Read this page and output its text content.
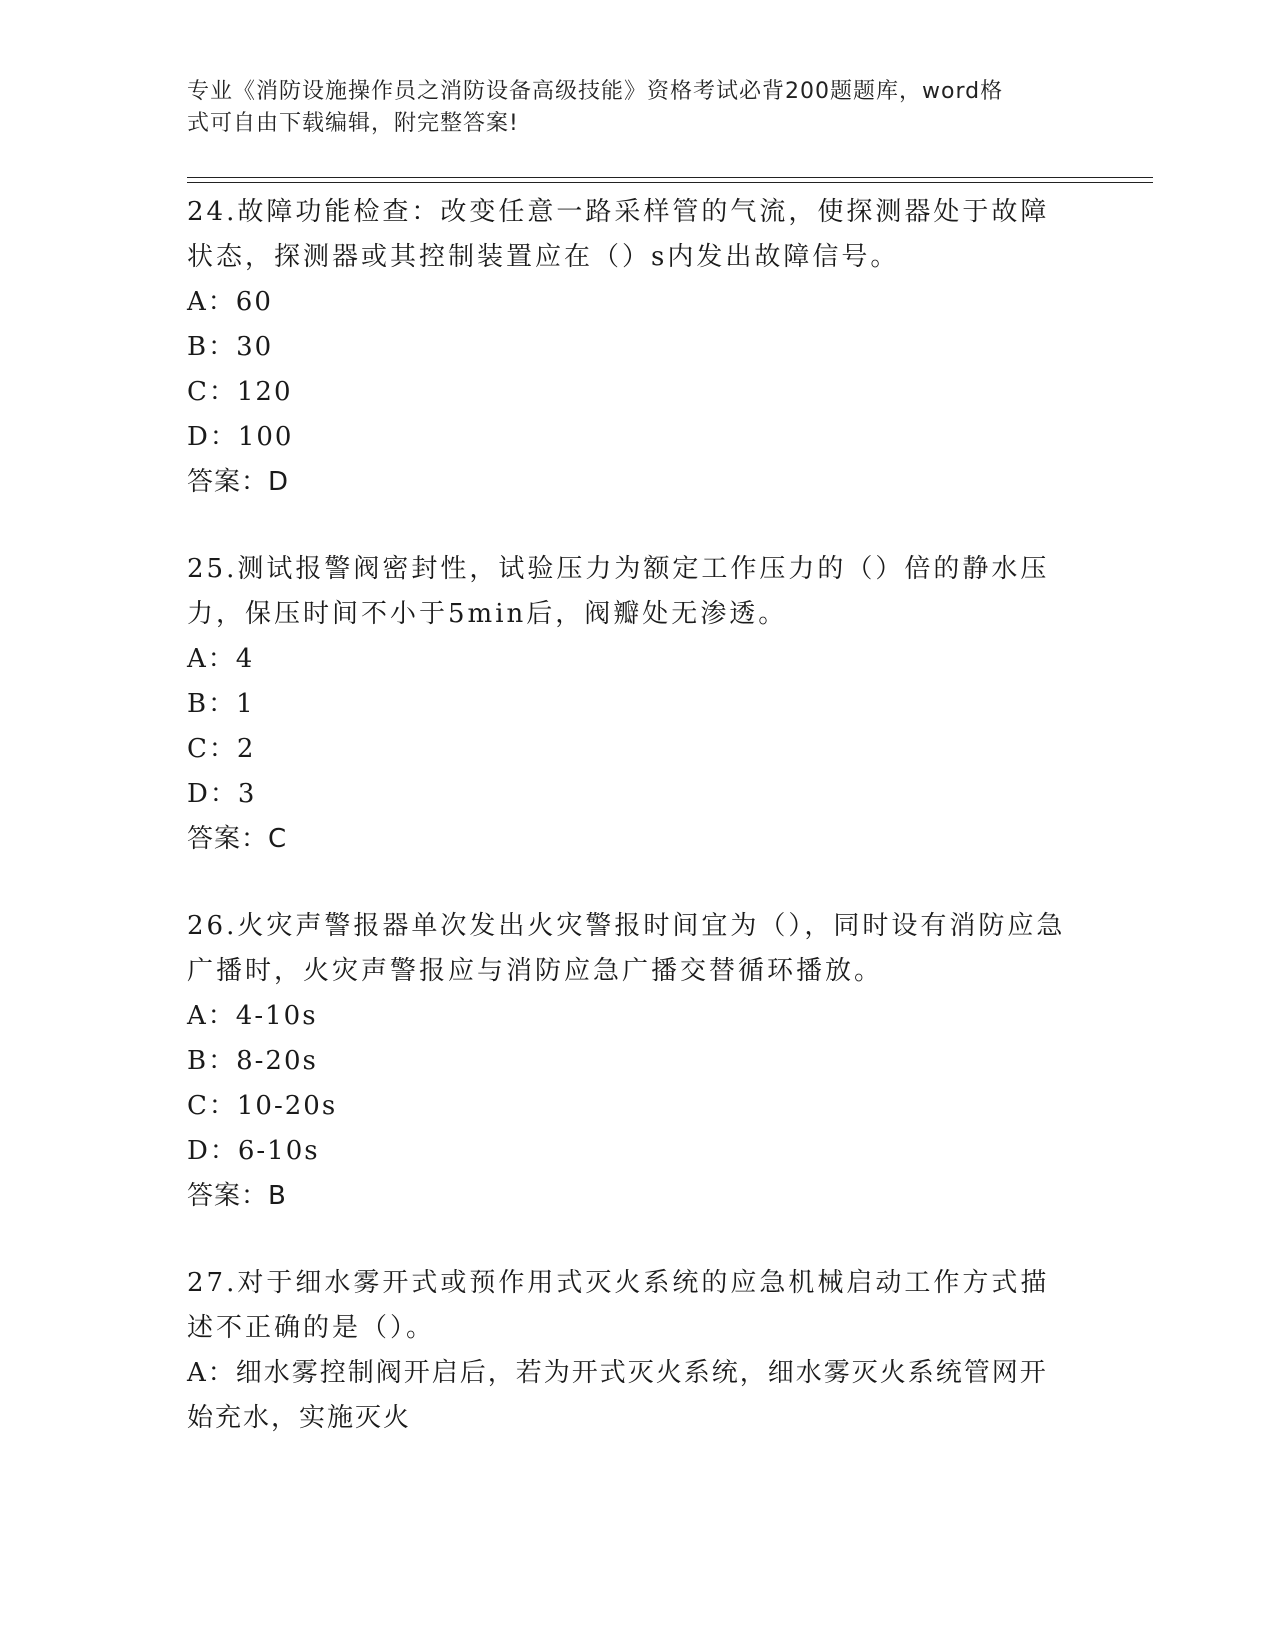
专业《消防设施操作员之消防设备高级技能》资格考试必背200题题库，word格
式可自由下载编辑，附完整答案!

24.故障功能检查：改变任意一路采样管的气流，使探测器处于故障状态，探测器或其控制装置应在（）s内发出故障信号。

A：60

B：30

C：120

D：100

答案：D

25.测试报警阀密封性，试验压力为额定工作压力的（）倍的静水压力，保压时间不小于5min后，阀瓣处无渗透。

A：4

B：1

C：2

D：3

答案：C

26.火灾声警报器单次发出火灾警报时间宜为（），同时设有消防应急广播时，火灾声警报应与消防应急广播交替循环播放。

A：4-10s

B：8-20s

C：10-20s

D：6-10s

答案：B

27.对于细水雾开式或预作用式灭火系统的应急机械启动工作方式描述不正确的是（）。

A：细水雾控制阀开启后，若为开式灭火系统，细水雾灭火系统管网开始充水，实施灭火
